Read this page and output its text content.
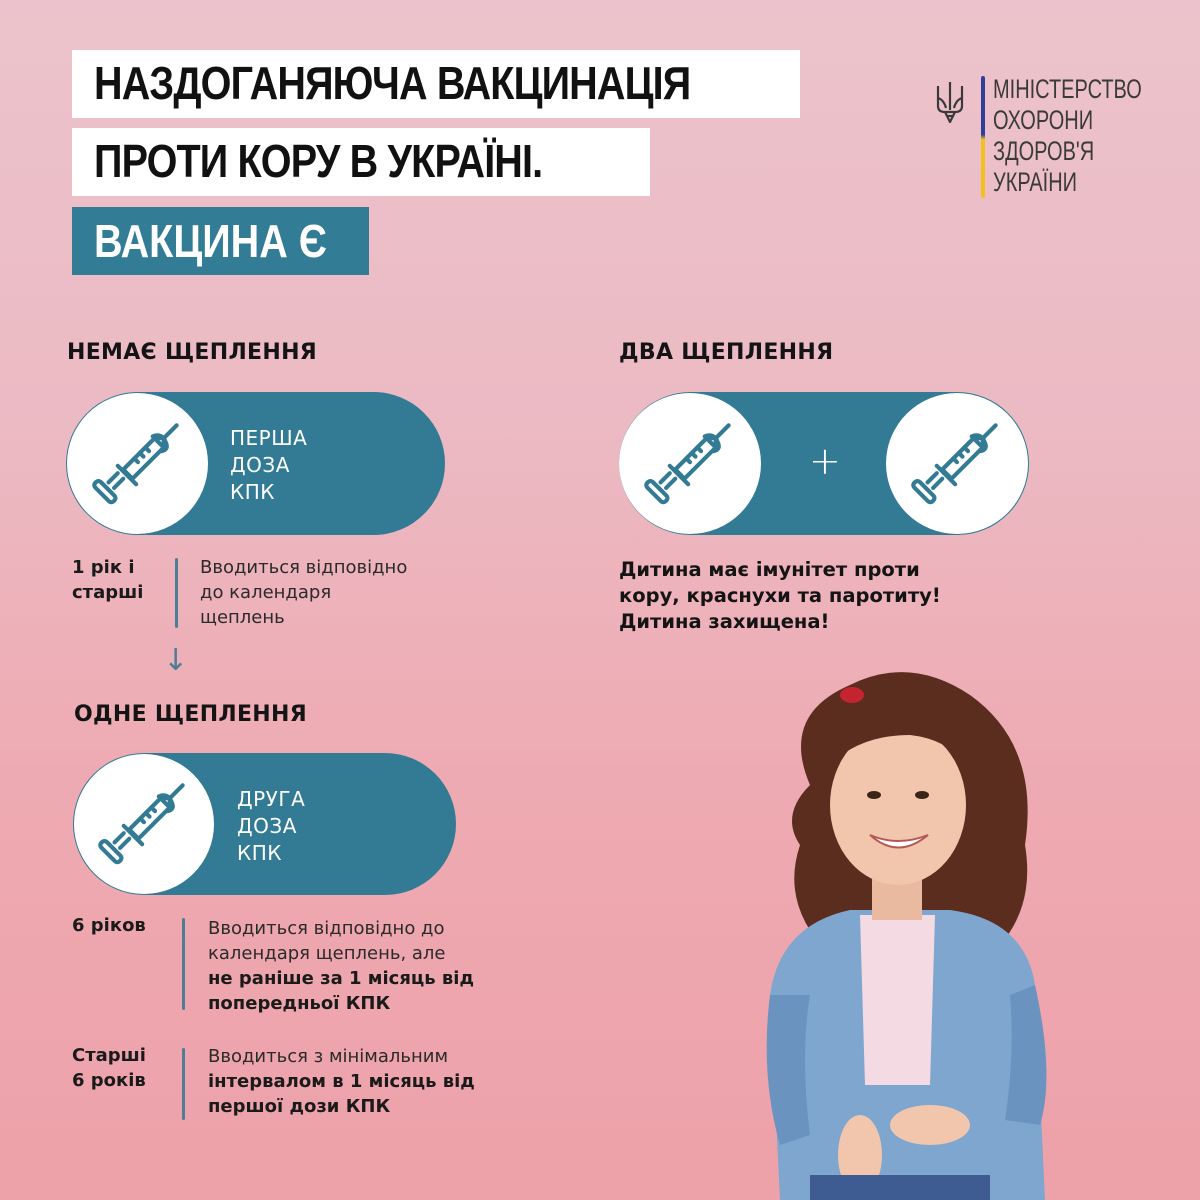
НАЗДОГАНЯЮЧА ВАКЦИНАЦІЯ
ПРОТИ КОРУ В УКРАЇНІ.
ВАКЦИНА Є
МІНІСТЕРСТВО
ОХОРОНИ
ЗДОРОВ'Я
УКРАЇНИ
НЕМАЄ ЩЕПЛЕННЯ
ПЕРША
ДОЗА
КПК
1 рік і
старші
Вводиться відповідно
до календаря
щеплень
↓
ОДНЕ ЩЕПЛЕННЯ
ДРУГА
ДОЗА
КПК
6 ріков	Вводиться відповідно до
календаря щеплень, але
не раніше за 1 місяць від
попередньої КПК
Старші
6 років
Вводиться з мінімальним
інтервалом в 1 місяць від
першої дози КПК
ДВА ЩЕПЛЕННЯ
+
Дитина має імунітет проти
кору, краснухи та паротиту!
Дитина захищена!
